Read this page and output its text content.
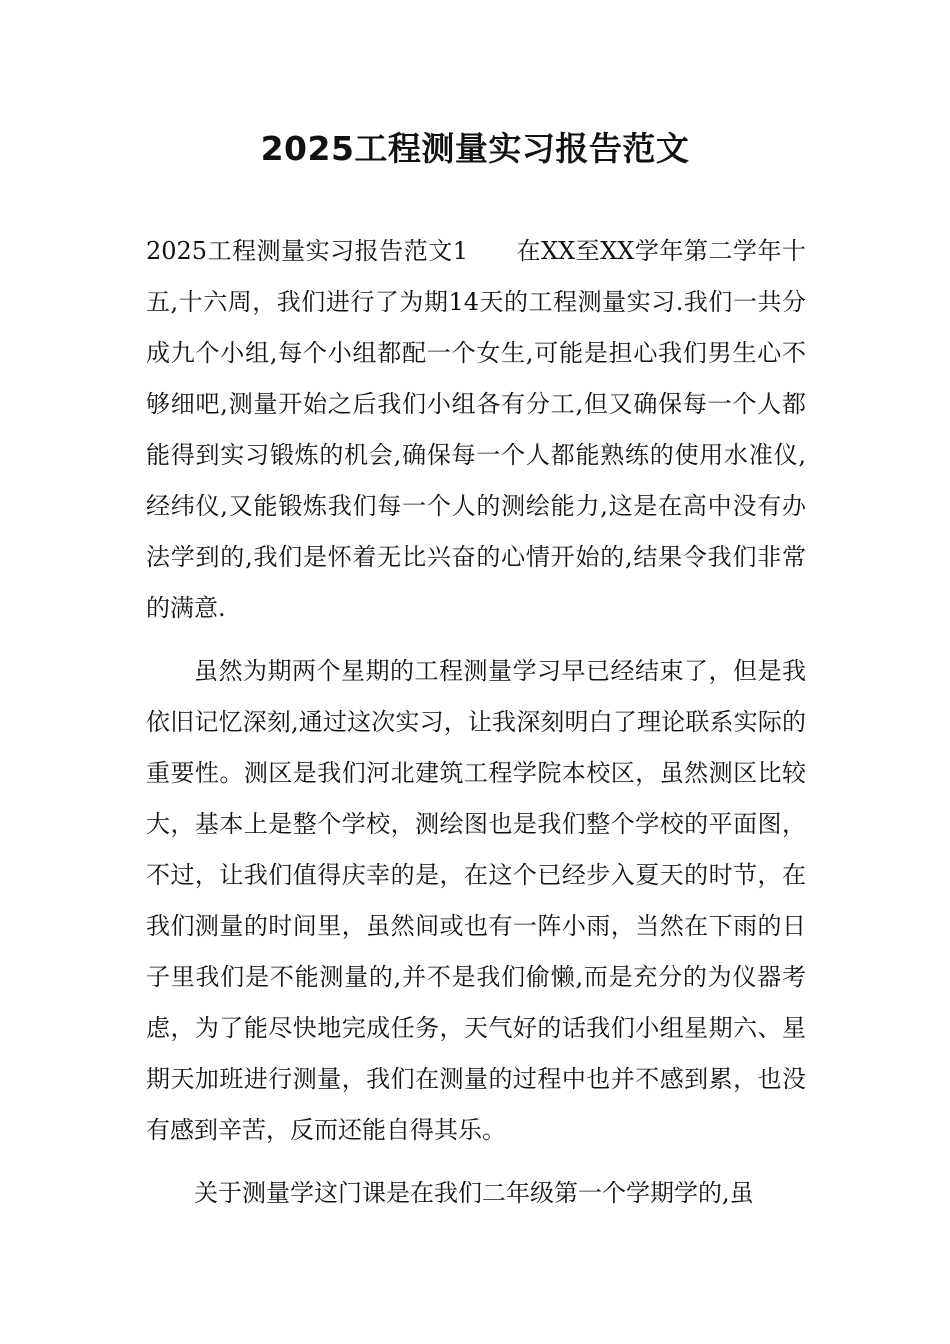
2025工程测量实习报告范文

2025工程测量实习报告范文1 在XX至XX学年第二学年十五,十六周，我们进行了为期14天的工程测量实习.我们一共分成九个小组,每个小组都配一个女生,可能是担心我们男生心不够细吧,测量开始之后我们小组各有分工,但又确保每一个人都能得到实习锻炼的机会,确保每一个人都能熟练的使用水准仪,经纬仪,又能锻炼我们每一个人的测绘能力,这是在高中没有办法学到的,我们是怀着无比兴奋的心情开始的,结果令我们非常的满意.

虽然为期两个星期的工程测量学习早已经结束了，但是我依旧记忆深刻,通过这次实习，让我深刻明白了理论联系实际的重要性。测区是我们河北建筑工程学院本校区，虽然测区比较大，基本上是整个学校，测绘图也是我们整个学校的平面图，不过，让我们值得庆幸的是，在这个已经步入夏天的时节，在我们测量的时间里，虽然间或也有一阵小雨，当然在下雨的日子里我们是不能测量的,并不是我们偷懒,而是充分的为仪器考虑，为了能尽快地完成任务，天气好的话我们小组星期六、星期天加班进行测量，我们在测量的过程中也并不感到累，也没有感到辛苦，反而还能自得其乐。

关于测量学这门课是在我们二年级第一个学期学的,虽
